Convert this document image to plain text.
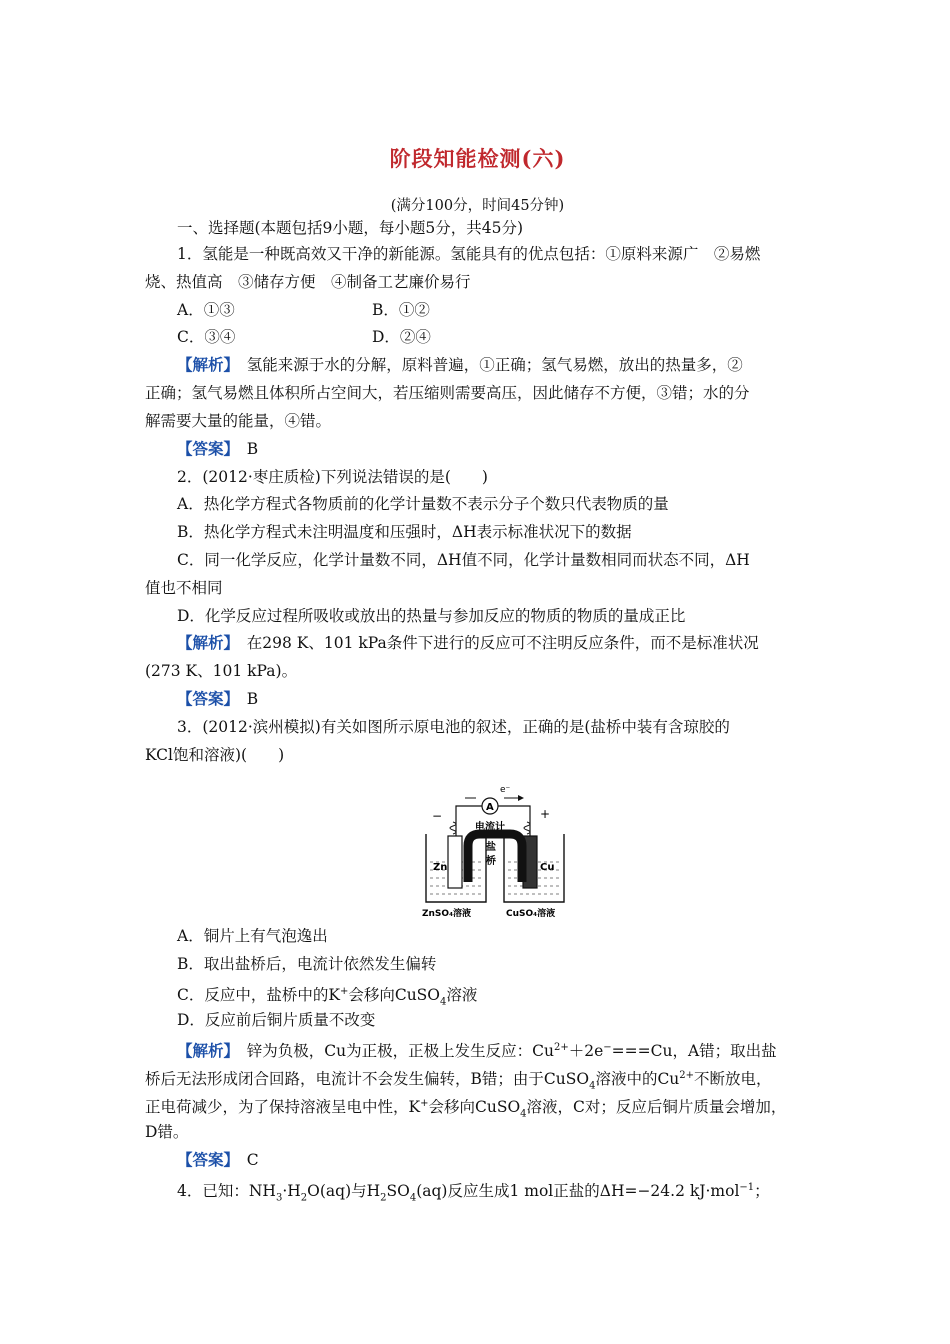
阶段知能检测(六)
(满分100分，时间45分钟)
一、选择题(本题包括9小题，每小题5分，共45分)
1．氢能是一种既高效又干净的新能源。氢能具有的优点包括：①原料来源广　②易燃
烧、热值高　③储存方便　④制备工艺廉价易行
A．①③	B．①②
C．③④	D．②④
【解析】　氢能来源于水的分解，原料普遍，①正确；氢气易燃，放出的热量多，②
正确；氢气易燃且体积所占空间大，若压缩则需要高压，因此储存不方便，③错；水的分
解需要大量的能量，④错。
【答案】　B
2．(2012·枣庄质检)下列说法错误的是(　　)
A．热化学方程式各物质前的化学计量数不表示分子个数只代表物质的量
B．热化学方程式未注明温度和压强时，ΔH表示标准状况下的数据
C．同一化学反应，化学计量数不同，ΔH值不同，化学计量数相同而状态不同，ΔH
值也不相同
D．化学反应过程所吸收或放出的热量与参加反应的物质的物质的量成正比
【解析】　在298 K、101 kPa条件下进行的反应可不注明反应条件，而不是标准状况
(273 K、101 kPa)。
【答案】　B
3．(2012·滨州模拟)有关如图所示原电池的叙述，正确的是(盐桥中装有含琼胶的
KCl饱和溶液)(　　)
A．铜片上有气泡逸出
B．取出盐桥后，电流计依然发生偏转
C．反应中，盐桥中的K+会移向CuSO$_4$溶液
D．反应前后铜片质量不改变
【解析】　锌为负极，Cu为正极，正极上发生反应：$Cu^{2+}+2e^-===Cu$，A错；取出盐
桥后无法形成闭合回路，电流计不会发生偏转，B错；由于CuSO$_4$溶液中的$Cu^{2+}$不断放电，
正电荷减少，为了保持溶液呈电中性，K+会移向CuSO$_4$溶液，C对；反应后铜片质量会增加，
D错。
【答案】　C
4．已知：$NH_3\cdot H_2O(aq)$与$H_2SO_4(aq)$反应生成1 mol正盐的ΔH=−24.2 kJ·mol$^{-1}$；
e⁻
A
−	+
电流计
Zn	Cu
盐
桥
ZnSO₄溶液	CuSO₄溶液
